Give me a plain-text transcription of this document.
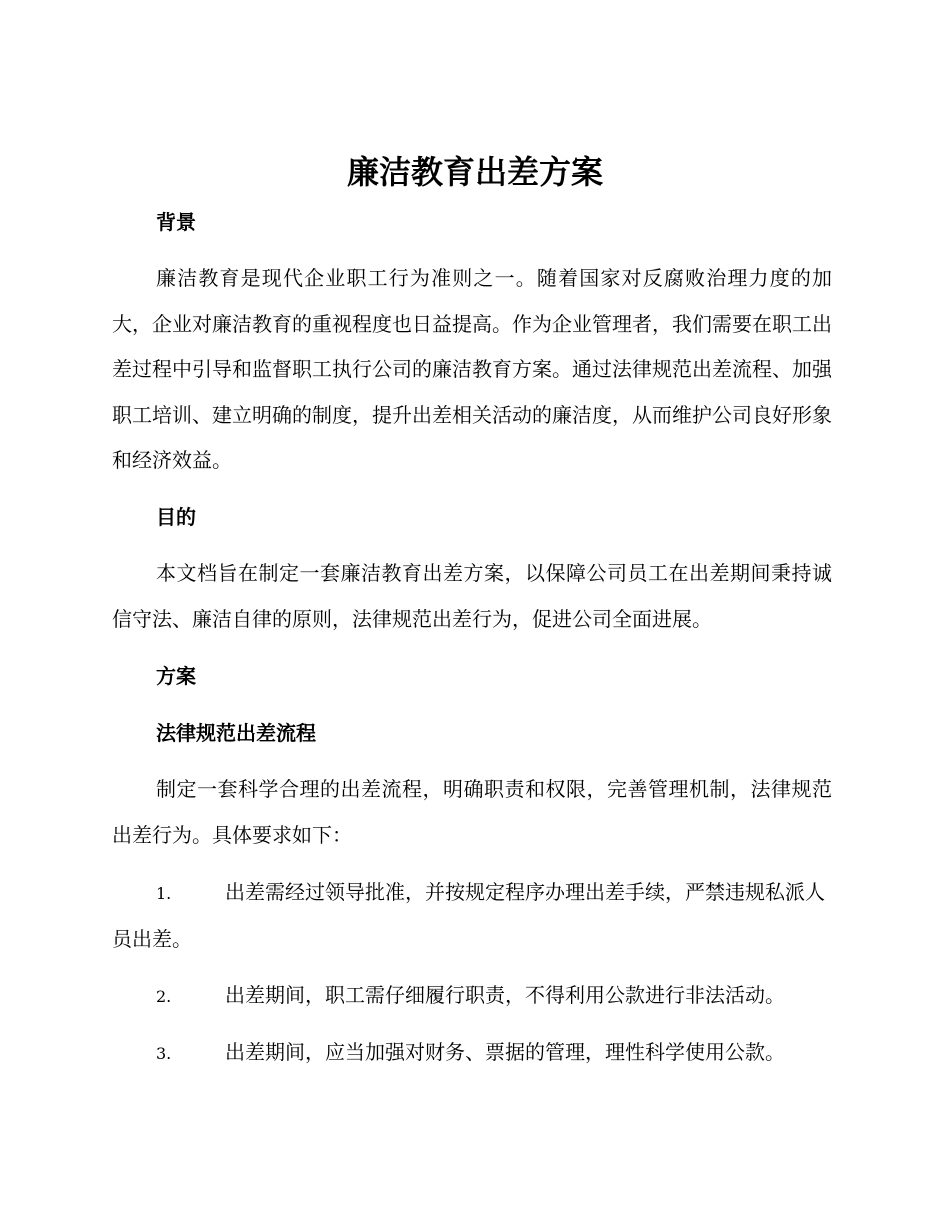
廉洁教育出差方案
背景

廉洁教育是现代企业职工行为准则之一。随着国家对反腐败治理力度的加大，企业对廉洁教育的重视程度也日益提高。作为企业管理者，我们需要在职工出差过程中引导和监督职工执行公司的廉洁教育方案。通过法律规范出差流程、加强职工培训、建立明确的制度，提升出差相关活动的廉洁度，从而维护公司良好形象和经济效益。

目的

本文档旨在制定一套廉洁教育出差方案，以保障公司员工在出差期间秉持诚信守法、廉洁自律的原则，法律规范出差行为，促进公司全面进展。

方案
法律规范出差流程

制定一套科学合理的出差流程，明确职责和权限，完善管理机制，法律规范出差行为。具体要求如下：

1.	出差需经过领导批准，并按规定程序办理出差手续，严禁违规私派人员出差。

2.	出差期间，职工需仔细履行职责，不得利用公款进行非法活动。

3.	出差期间，应当加强对财务、票据的管理，理性科学使用公款。
